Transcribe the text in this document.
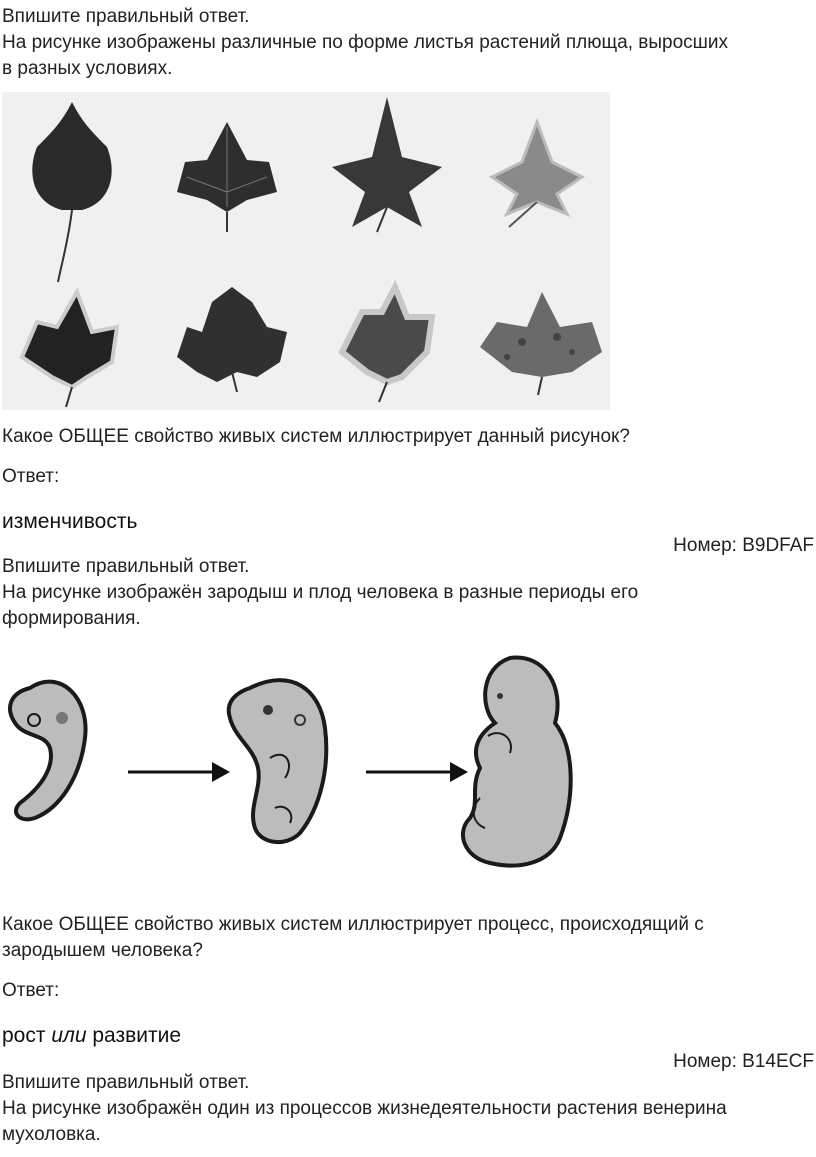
Впишите правильный ответ.

На рисунке изображены различные по форме листья растений плюща, выросших

в разных условиях.

Какое ОБЩЕЕ свойство живых систем иллюстрирует данный рисунок?

Ответ:

изменчивость

Номер: B9DFAF

Впишите правильный ответ.

На рисунке изображён зародыш и плод человека в разные периоды его

формирования.

Какое ОБЩЕЕ свойство живых систем иллюстрирует процесс, происходящий с

зародышем человека?

Ответ:

рост или развитие

Номер: B14ECF

Впишите правильный ответ.

На рисунке изображён один из процессов жизнедеятельности растения венерина

мухоловка.
